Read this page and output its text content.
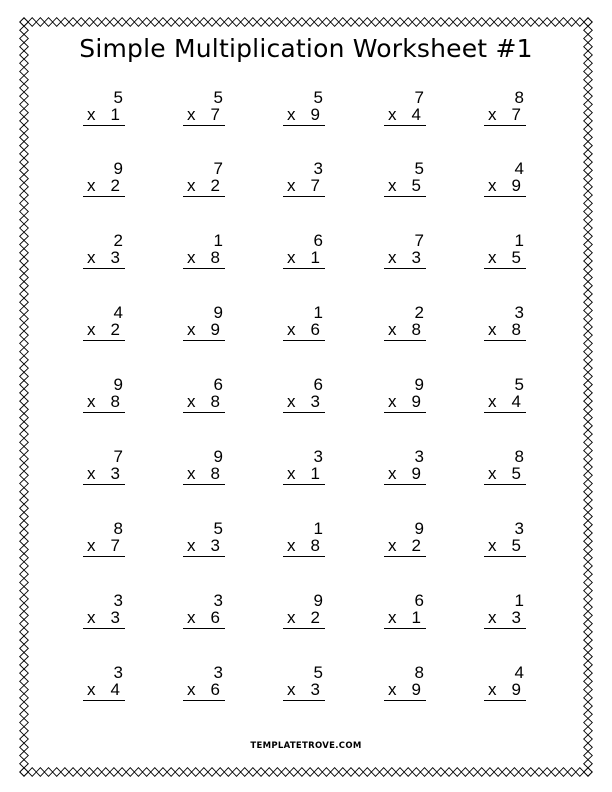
Simple Multiplication Worksheet #1
5
x 1
5
x 7
5
x 9
7
x 4
8
x 7
9
x 2
7
x 2
3
x 7
5
x 5
4
x 9
2
x 3
1
x 8
6
x 1
7
x 3
1
x 5
4
x 2
9
x 9
1
x 6
2
x 8
3
x 8
9
x 8
6
x 8
6
x 3
9
x 9
5
x 4
7
x 3
9
x 8
3
x 1
3
x 9
8
x 5
8
x 7
5
x 3
1
x 8
9
x 2
3
x 5
3
x 3
3
x 6
9
x 2
6
x 1
1
x 3
3
x 4
3
x 6
5
x 3
8
x 9
4
x 9
TEMPLATETROVE.COM
